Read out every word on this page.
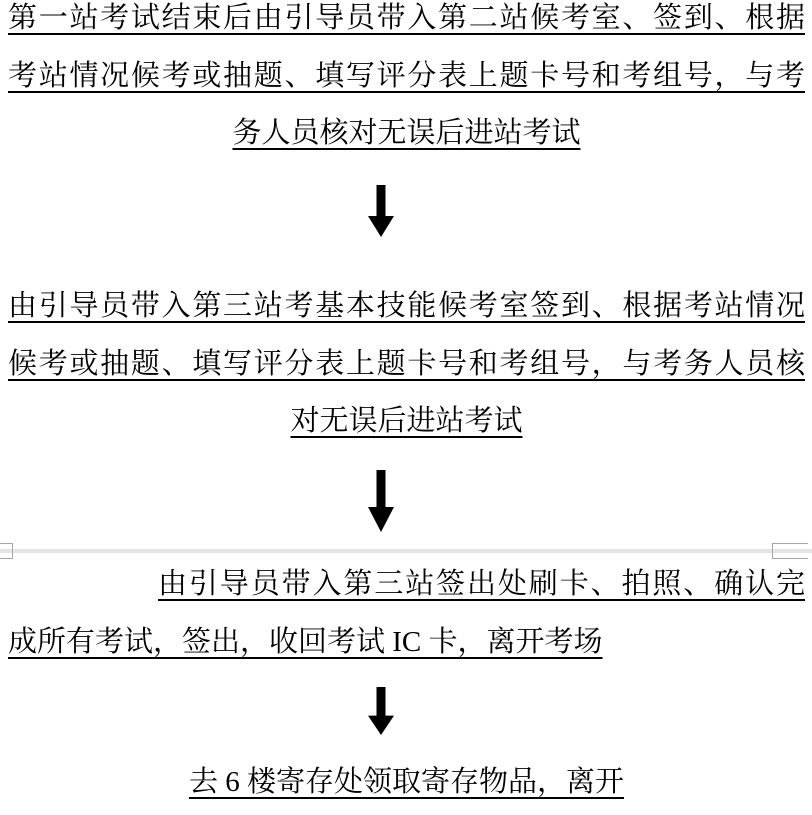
第一站考试结束后由引导员带入第二站候考室、签到、根据
考站情况候考或抽题、填写评分表上题卡号和考组号，与考
务人员核对无误后进站考试
由引导员带入第三站考基本技能候考室签到、根据考站情况
候考或抽题、填写评分表上题卡号和考组号，与考务人员核
对无误后进站考试
由引导员带入第三站签出处刷卡、拍照、确认完
成所有考试，签出，收回考试 IC 卡，离开考场
去 6 楼寄存处领取寄存物品，离开
